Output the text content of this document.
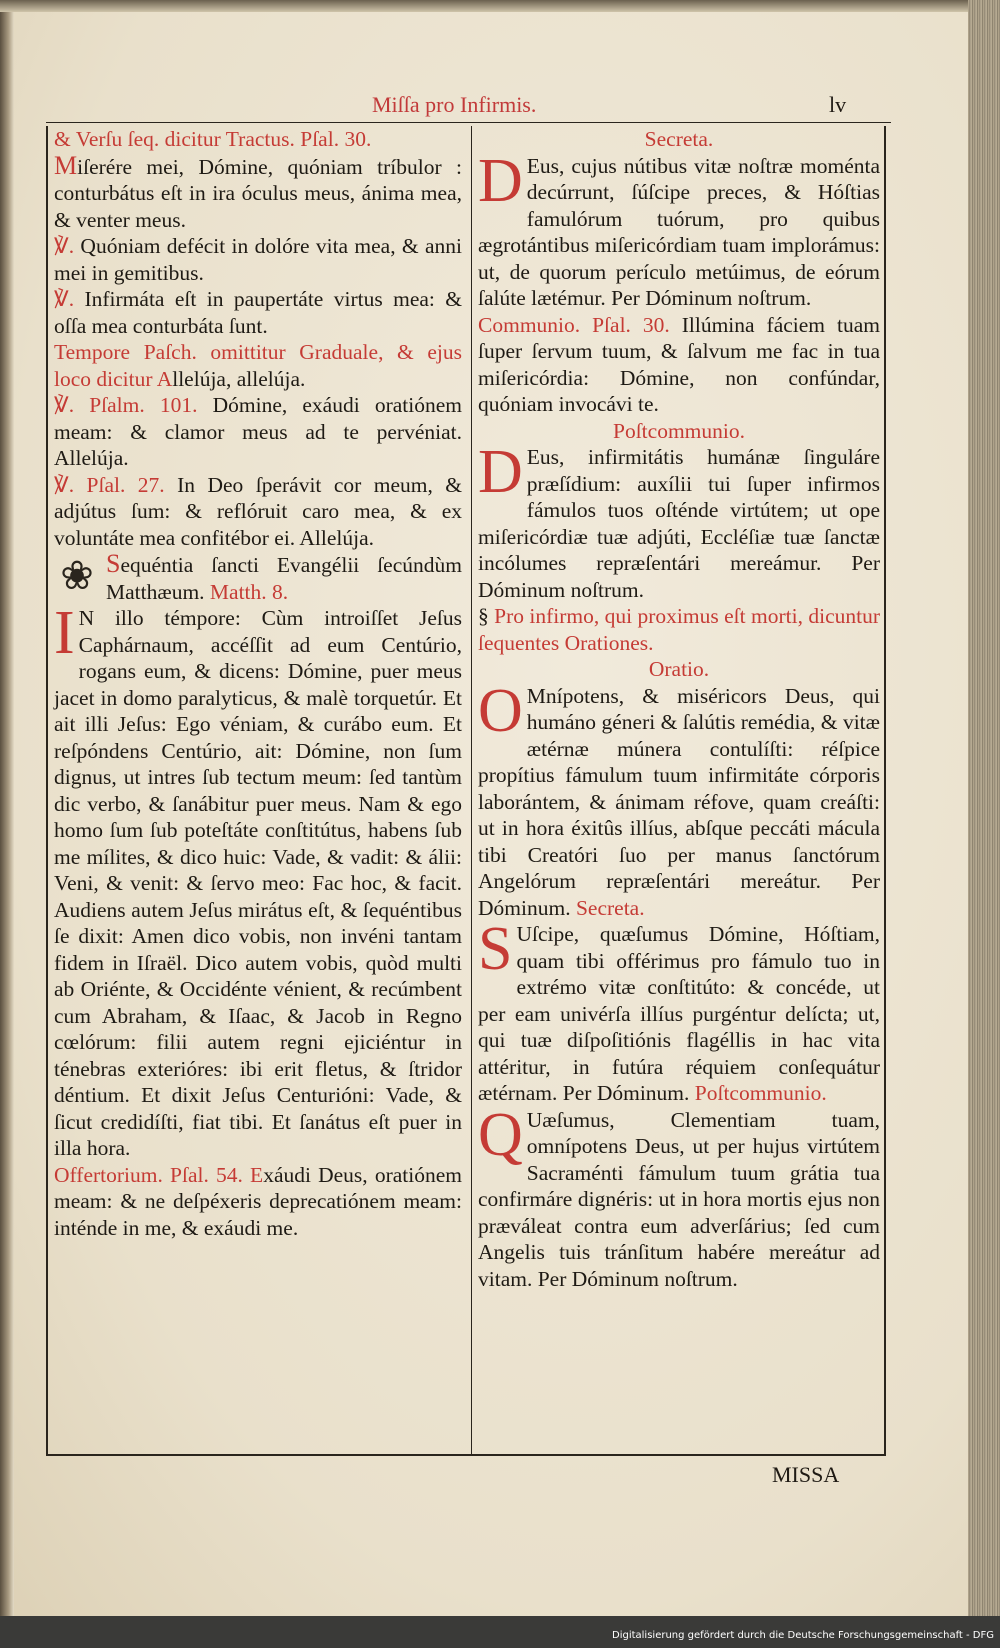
Miſſa pro Infirmis.	lv

& Verſu ſeq. dicitur Tractus. Pſal. 30.

Miſerére mei, Dómine, quóniam tríbulor : conturbátus eſt in ira óculus meus, ánima mea, & venter meus.

℣. Quóniam defécit in dolóre vita mea, & anni mei in gemitibus.

℣. Infirmáta eſt in paupertáte virtus mea: & oſſa mea conturbáta ſunt.

Tempore Paſch. omittitur Graduale, & ejus loco dicitur Allelúja, allelúja.

℣. Pſalm. 101. Dómine, exáudi oratiónem meam: & clamor meus ad te pervéniat. Allelúja.

℣. Pſal. 27. In Deo ſperávit cor meum, & adjútus ſum: & reflóruit caro mea, & ex voluntáte mea confitébor ei. Allelúja.

❀ Sequéntia ſancti Evangélii ſecúndùm Matthæum. Matth. 8.

I N illo témpore: Cùm introiſſet Jeſus Caphárnaum, accéſſit ad eum Centúrio, rogans eum, & dicens: Dómine, puer meus jacet in domo paralyticus, & malè torquetúr. Et ait illi Jeſus: Ego véniam, & curábo eum. Et reſpóndens Centúrio, ait: Dómine, non ſum dignus, ut intres ſub tectum meum: ſed tantùm dic verbo, & ſanábitur puer meus. Nam & ego homo ſum ſub poteſtáte conſtitútus, habens ſub me mílites, & dico huic: Vade, & vadit: & álii: Veni, & venit: & ſervo meo: Fac hoc, & facit. Audiens autem Jeſus mirátus eſt, & ſequéntibus ſe dixit: Amen dico vobis, non invéni tantam fidem in Iſraël. Dico autem vobis, quòd multi ab Oriénte, & Occidénte vénient, & recúmbent cum Abraham, & Iſaac, & Jacob in Regno cœlórum: filii autem regni ejiciéntur in ténebras exterióres: ibi erit fletus, & ſtridor déntium. Et dixit Jeſus Centurióni: Vade, & ſicut credidíſti, fiat tibi. Et ſanátus eſt puer in illa hora.

Offertorium. Pſal. 54. Exáudi Deus, oratiónem meam: & ne deſpéxeris deprecatiónem meam: inténde in me, & exáudi me.

Secreta.

D Eus, cujus nútibus vitæ noſtræ moménta decúrrunt, ſúſcipe preces, & Hóſtias famulórum tuórum, pro quibus ægrotántibus miſericórdiam tuam implorámus: ut, de quorum perículo metúimus, de eórum ſalúte lætémur. Per Dóminum noſtrum.

Communio. Pſal. 30. Illúmina fáciem tuam ſuper ſervum tuum, & ſalvum me fac in tua miſericórdia: Dómine, non confúndar, quóniam invocávi te.

Poſtcommunio.

D Eus, infirmitátis humánæ ſinguláre præſídium: auxílii tui ſuper infirmos fámulos tuos oſténde virtútem; ut ope miſericórdiæ tuæ adjúti, Eccléſiæ tuæ ſanctæ incólumes repræſentári mereámur. Per Dóminum noſtrum.

§ Pro infirmo, qui proximus eſt morti, dicuntur ſequentes Orationes.

Oratio.

O Mnípotens, & miséricors Deus, qui humáno géneri & ſalútis remédia, & vitæ ætérnæ múnera contulíſti: réſpice propítius fámulum tuum infirmitáte córporis laborántem, & ánimam réfove, quam creáſti: ut in hora éxitûs illíus, abſque peccáti mácula tibi Creatóri ſuo per manus ſanctórum Angelórum repræſentári mereátur. Per Dóminum. Secreta.

S Uſcipe, quæſumus Dómine, Hóſtiam, quam tibi offérimus pro fámulo tuo in extrémo vitæ conſtitúto: & concéde, ut per eam univérſa illíus purgéntur delícta; ut, qui tuæ diſpoſitiónis flagéllis in hac vita attéritur, in futúra réquiem conſequátur ætérnam. Per Dóminum. Poſtcommunio.

Q Uæſumus, Clementiam tuam, omnípotens Deus, ut per hujus virtútem Sacraménti fámulum tuum grátia tua confirmáre dignéris: ut in hora mortis ejus non præváleat contra eum adverſárius; ſed cum Angelis tuis tránſitum habére mereátur ad vitam. Per Dóminum noſtrum.

MISSA
Digitalisierung gefördert durch die Deutsche Forschungsgemeinschaft - DFG
